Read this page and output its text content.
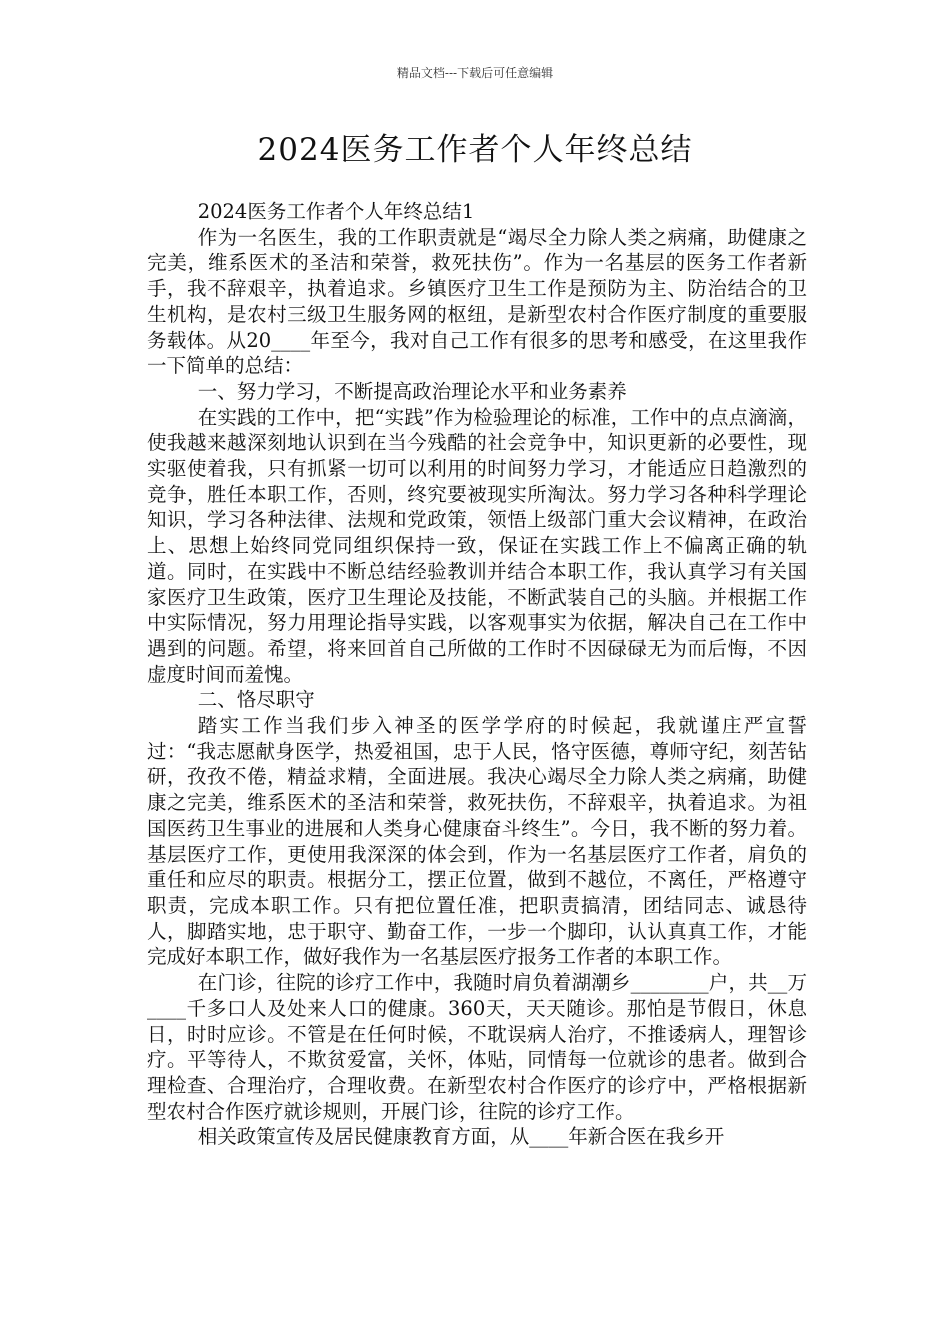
精品文档---下载后可任意编辑
2024医务工作者个人年终总结

2024医务工作者个人年终总结1

作为一名医生，我的工作职责就是“竭尽全力除人类之病痛，助健康之完美，维系医术的圣洁和荣誉，救死扶伤”。作为一名基层的医务工作者新手，我不辞艰辛，执着追求。乡镇医疗卫生工作是预防为主、防治结合的卫生机构，是农村三级卫生服务网的枢纽，是新型农村合作医疗制度的重要服务载体。从20____年至今，我对自己工作有很多的思考和感受，在这里我作一下简单的总结：

一、努力学习，不断提高政治理论水平和业务素养

在实践的工作中，把“实践”作为检验理论的标准，工作中的点点滴滴，使我越来越深刻地认识到在当今残酷的社会竞争中，知识更新的必要性，现实驱使着我，只有抓紧一切可以利用的时间努力学习，才能适应日趋激烈的竞争，胜任本职工作，否则，终究要被现实所淘汰。努力学习各种科学理论知识，学习各种法律、法规和党政策，领悟上级部门重大会议精神，在政治上、思想上始终同党同组织保持一致，保证在实践工作上不偏离正确的轨道。同时，在实践中不断总结经验教训并结合本职工作，我认真学习有关国家医疗卫生政策，医疗卫生理论及技能，不断武装自己的头脑。并根据工作中实际情况，努力用理论指导实践，以客观事实为依据，解决自己在工作中遇到的问题。希望，将来回首自己所做的工作时不因碌碌无为而后悔，不因虚度时间而羞愧。

二、恪尽职守

踏实工作当我们步入神圣的医学学府的时候起，我就谨庄严宣誓过：“我志愿献身医学，热爱祖国，忠于人民，恪守医德，尊师守纪，刻苦钻研，孜孜不倦，精益求精，全面进展。我决心竭尽全力除人类之病痛，助健康之完美，维系医术的圣洁和荣誉，救死扶伤，不辞艰辛，执着追求。为祖国医药卫生事业的进展和人类身心健康奋斗终生”。今日，我不断的努力着。基层医疗工作，更使用我深深的体会到，作为一名基层医疗工作者，肩负的重任和应尽的职责。根据分工，摆正位置，做到不越位，不离任，严格遵守职责，完成本职工作。只有把位置任准，把职责搞清，团结同志、诚恳待人，脚踏实地，忠于职守、勤奋工作，一步一个脚印，认认真真工作，才能完成好本职工作，做好我作为一名基层医疗报务工作者的本职工作。

在门诊，往院的诊疗工作中，我随时肩负着湖潮乡________户，共__万____千多口人及处来人口的健康。360天，天天随诊。那怕是节假日，休息日，时时应诊。不管是在任何时候，不耽误病人治疗，不推诿病人，理智诊疗。平等待人，不欺贫爱富，关怀，体贴，同情每一位就诊的患者。做到合理检查、合理治疗，合理收费。在新型农村合作医疗的诊疗中，严格根据新型农村合作医疗就诊规则，开展门诊，往院的诊疗工作。

相关政策宣传及居民健康教育方面，从____年新合医在我乡开
